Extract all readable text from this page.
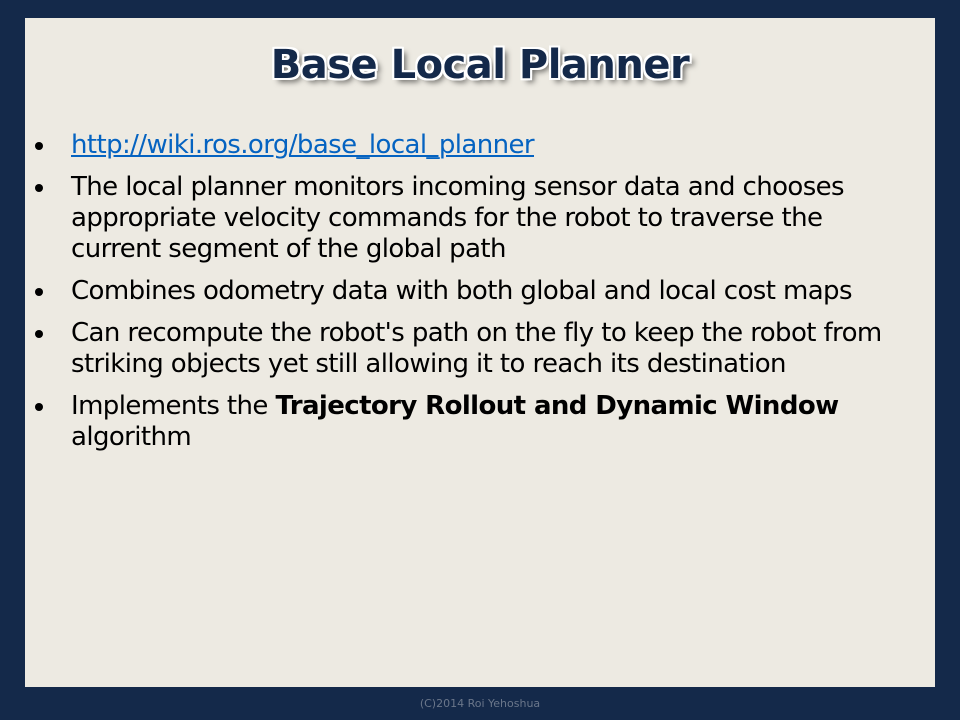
Base Local Planner
http://wiki.ros.org/base_local_planner
The local planner monitors incoming sensor data and chooses appropriate velocity commands for the robot to traverse the current segment of the global path
Combines odometry data with both global and local cost maps
Can recompute the robot's path on the fly to keep the robot from striking objects yet still allowing it to reach its destination
Implements the Trajectory Rollout and Dynamic Window algorithm
(C)2014 Roi Yehoshua
